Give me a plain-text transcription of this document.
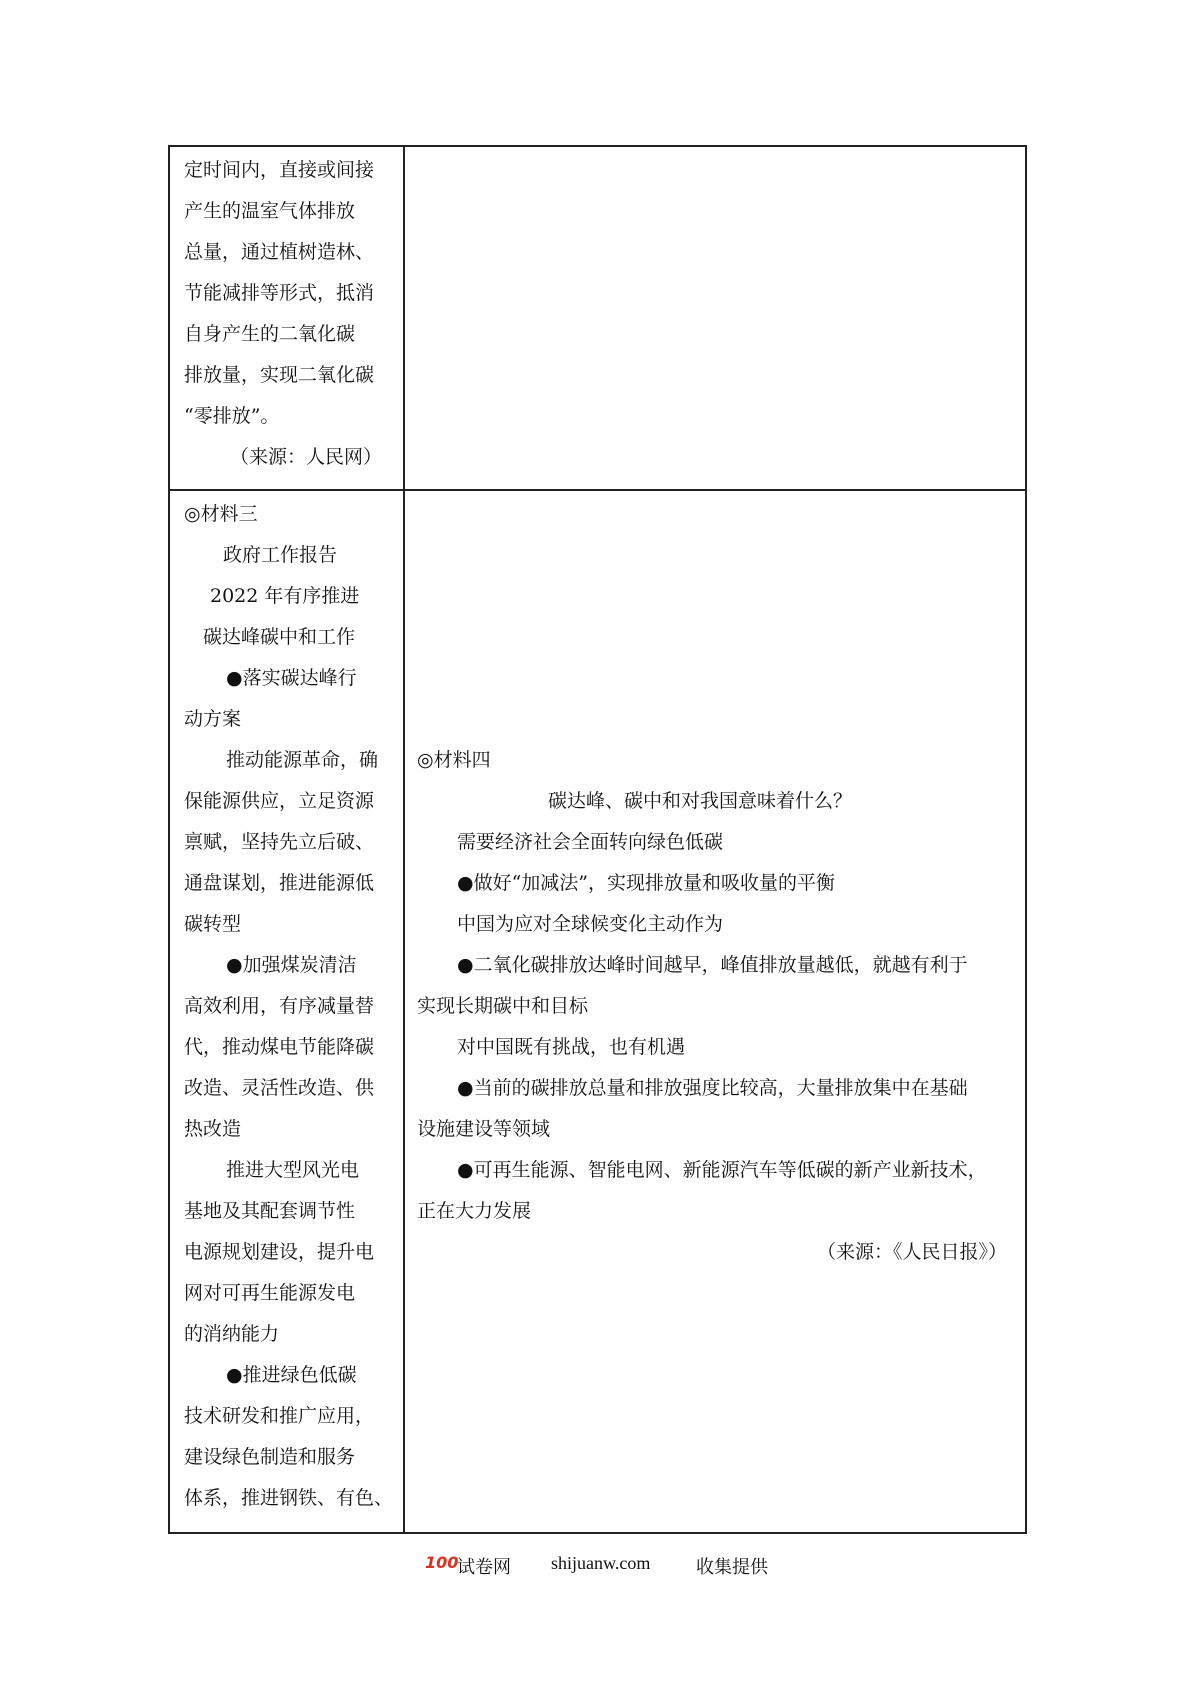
定时间内，直接或间接
产生的温室气体排放
总量，通过植树造林、
节能减排等形式，抵消
自身产生的二氧化碳
排放量，实现二氧化碳
“零排放”。
（来源：人民网）
◎材料三
政府工作报告
2022 年有序推进
碳达峰碳中和工作
●落实碳达峰行
动方案
推动能源革命，确
保能源供应，立足资源
禀赋，坚持先立后破、
通盘谋划，推进能源低
碳转型
●加强煤炭清洁
高效利用，有序减量替
代，推动煤电节能降碳
改造、灵活性改造、供
热改造
推进大型风光电
基地及其配套调节性
电源规划建设，提升电
网对可再生能源发电
的消纳能力
●推进绿色低碳
技术研发和推广应用，
建设绿色制造和服务
体系，推进钢铁、有色、
◎材料四
碳达峰、碳中和对我国意味着什么？
需要经济社会全面转向绿色低碳
●做好“加减法”，实现排放量和吸收量的平衡
中国为应对全球候变化主动作为
●二氧化碳排放达峰时间越早，峰值排放量越低，就越有利于
实现长期碳中和目标
对中国既有挑战，也有机遇
●当前的碳排放总量和排放强度比较高，大量排放集中在基础
设施建设等领域
●可再生能源、智能电网、新能源汽车等低碳的新产业新技术，
正在大力发展
（来源：《人民日报》）
100
试卷网 shijuanw.com	收集提供
